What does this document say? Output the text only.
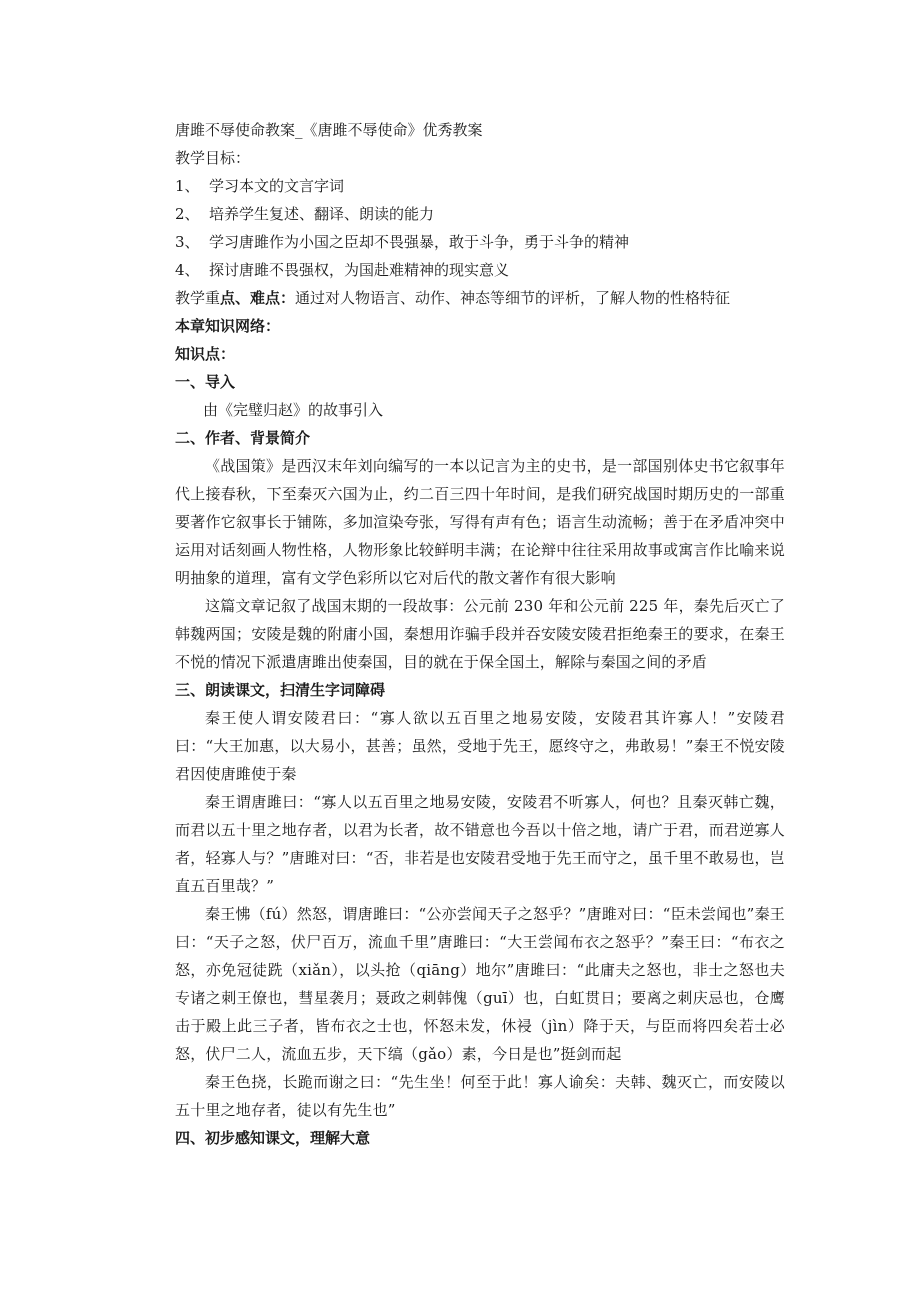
唐雎不辱使命教案_《唐雎不辱使命》优秀教案

教学目标：

1、 学习本文的文言字词

2、 培养学生复述、翻译、朗读的能力

3、 学习唐雎作为小国之臣却不畏强暴，敢于斗争，勇于斗争的精神

4、 探讨唐雎不畏强权，为国赴难精神的现实意义

教学重点、难点：通过对人物语言、动作、神态等细节的评析，了解人物的性格特征

本章知识网络：

知识点：

一、导入

由《完璧归赵》的故事引入

二、作者、背景简介

《战国策》是西汉末年刘向编写的一本以记言为主的史书，是一部国别体史书它叙事年代上接春秋，下至秦灭六国为止，约二百三四十年时间，是我们研究战国时期历史的一部重要著作它叙事长于铺陈，多加渲染夸张，写得有声有色；语言生动流畅；善于在矛盾冲突中运用对话刻画人物性格，人物形象比较鲜明丰满；在论辩中往往采用故事或寓言作比喻来说明抽象的道理，富有文学色彩所以它对后代的散文著作有很大影响

这篇文章记叙了战国末期的一段故事：公元前 230 年和公元前 225 年，秦先后灭亡了韩魏两国；安陵是魏的附庸小国，秦想用诈骗手段并吞安陵安陵君拒绝秦王的要求，在秦王不悦的情况下派遣唐雎出使秦国，目的就在于保全国土，解除与秦国之间的矛盾

三、朗读课文，扫清生字词障碍

秦王使人谓安陵君曰：“寡人欲以五百里之地易安陵，安陵君其许寡人！”安陵君曰：“大王加惠，以大易小，甚善；虽然，受地于先王，愿终守之，弗敢易！”秦王不悦安陵君因使唐雎使于秦

秦王谓唐雎曰：“寡人以五百里之地易安陵，安陵君不听寡人，何也？且秦灭韩亡魏，而君以五十里之地存者，以君为长者，故不错意也今吾以十倍之地，请广于君，而君逆寡人者，轻寡人与？”唐雎对曰：“否，非若是也安陵君受地于先王而守之，虽千里不敢易也，岂直五百里哉？”

秦王怫（fú）然怒，谓唐雎曰：“公亦尝闻天子之怒乎？”唐雎对曰：“臣未尝闻也”秦王曰：“天子之怒，伏尸百万，流血千里”唐雎曰：“大王尝闻布衣之怒乎？”秦王曰：“布衣之怒，亦免冠徒跣（xiǎn），以头抢（qiāng）地尔”唐雎曰：“此庸夫之怒也，非士之怒也夫专诸之刺王僚也，彗星袭月；聂政之刺韩傀（guī）也，白虹贯日；要离之刺庆忌也，仓鹰击于殿上此三子者，皆布衣之士也，怀怒未发，休祲（jìn）降于天，与臣而将四矣若士必怒，伏尸二人，流血五步，天下缟（gǎo）素，今日是也”挺剑而起

秦王色挠，长跪而谢之曰：“先生坐！何至于此！寡人谕矣：夫韩、魏灭亡，而安陵以五十里之地存者，徒以有先生也”

四、初步感知课文，理解大意
